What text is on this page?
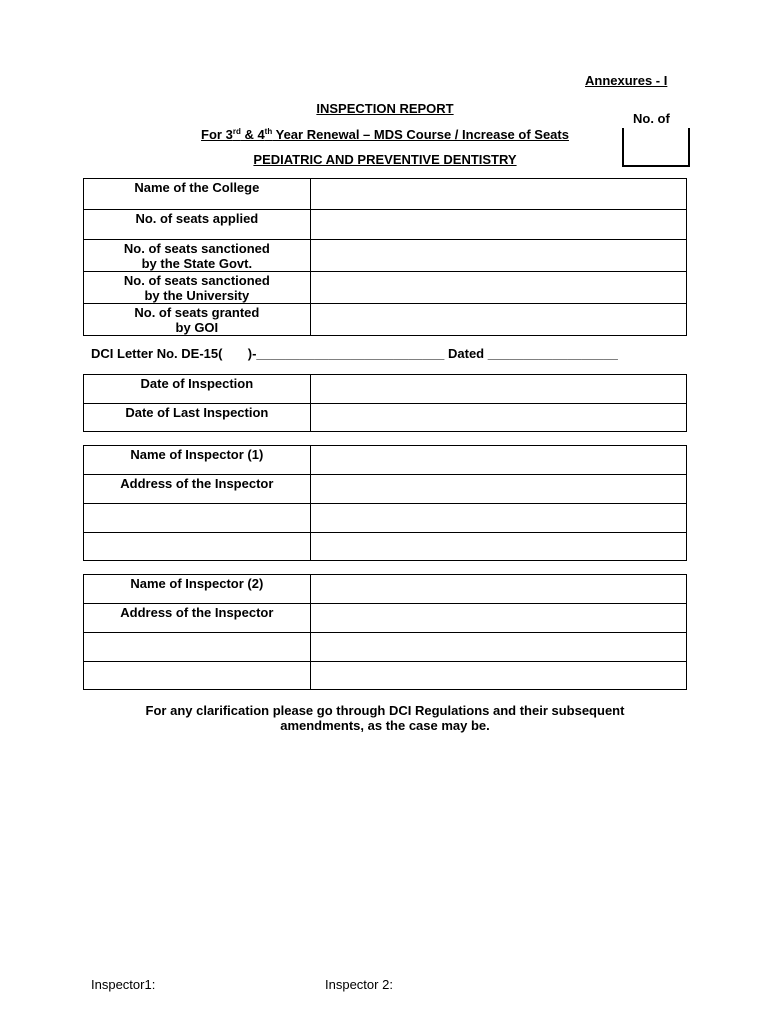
Annexures - I
No. of
INSPECTION REPORT
For 3rd & 4th Year Renewal – MDS Course / Increase of Seats
PEDIATRIC AND PREVENTIVE DENTISTRY
Name of the College	

No. of seats applied	

No. of seats sanctioned
by the State Govt.	

No. of seats sanctioned
by the University	

No. of seats granted
by GOI	

DCI Letter No. DE-15(       )-__________________________ Dated __________________
Date of Inspection	

Date of Last Inspection	

Name of Inspector (1)	

Address of the Inspector	

Name of Inspector (2)	

Address of the Inspector	

For any clarification please go through DCI Regulations and their subsequent
amendments, as the case may be.
Inspector1:	Inspector 2:
